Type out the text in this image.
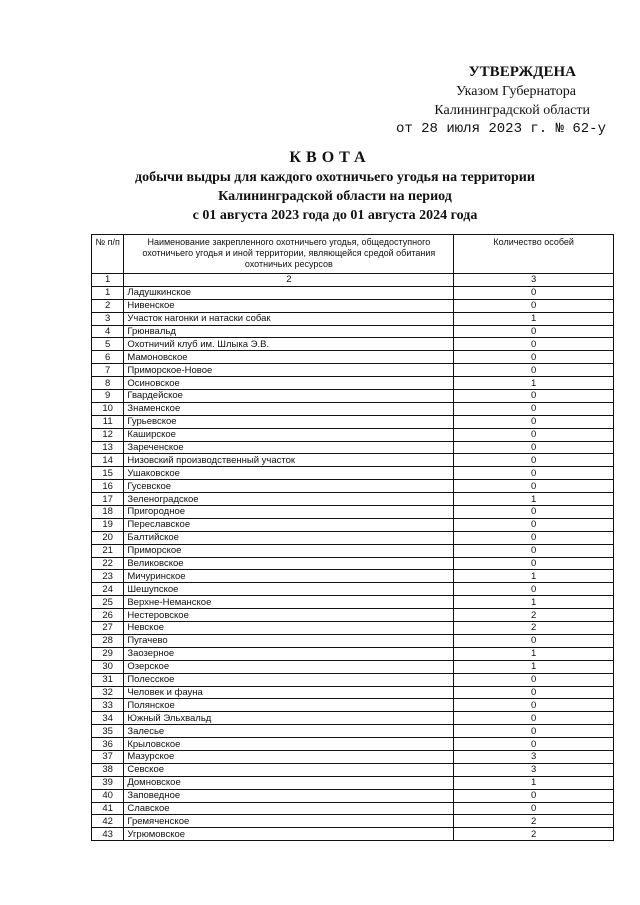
УТВЕРЖДЕНА
Указом Губернатора
Калининградской области
от 28 июля 2023 г. № 62-у
КВОТА
добычи выдры для каждого охотничьего угодья на территории
Калининградской области на период
с 01 августа 2023 года до 01 августа 2024 года
№ п/п	Наименование закрепленного охотничьего угодья, общедоступного охотничьего угодья и иной территории, являющейся средой обитания охотничьих ресурсов	Количество особей
1	2	3
1	Ладушкинское	0
2	Нивенское	0
3	Участок нагонки и натаски собак	1
4	Грюнвальд	0
5	Охотничий клуб им. Шлыка Э.В.	0
6	Мамоновское	0
7	Приморское-Новое	0
8	Осиновское	1
9	Гвардейское	0
10	Знаменское	0
11	Гурьевское	0
12	Каширское	0
13	Зареченское	0
14	Низовский производственный участок	0
15	Ушаковское	0
16	Гусевское	0
17	Зеленоградское	1
18	Пригородное	0
19	Переславское	0
20	Балтийское	0
21	Приморское	0
22	Великовское	0
23	Мичуринское	1
24	Шешупское	0
25	Верхне-Неманское	1
26	Нестеровское	2
27	Невское	2
28	Пугачево	0
29	Заозерное	1
30	Озерское	1
31	Полесское	0
32	Человек и фауна	0
33	Полянское	0
34	Южный Эльхвальд	0
35	Залесье	0
36	Крыловское	0
37	Мазурское	3
38	Севское	3
39	Домновское	1
40	Заповедное	0
41	Славское	0
42	Гремяченское	2
43	Угрюмовское	2
